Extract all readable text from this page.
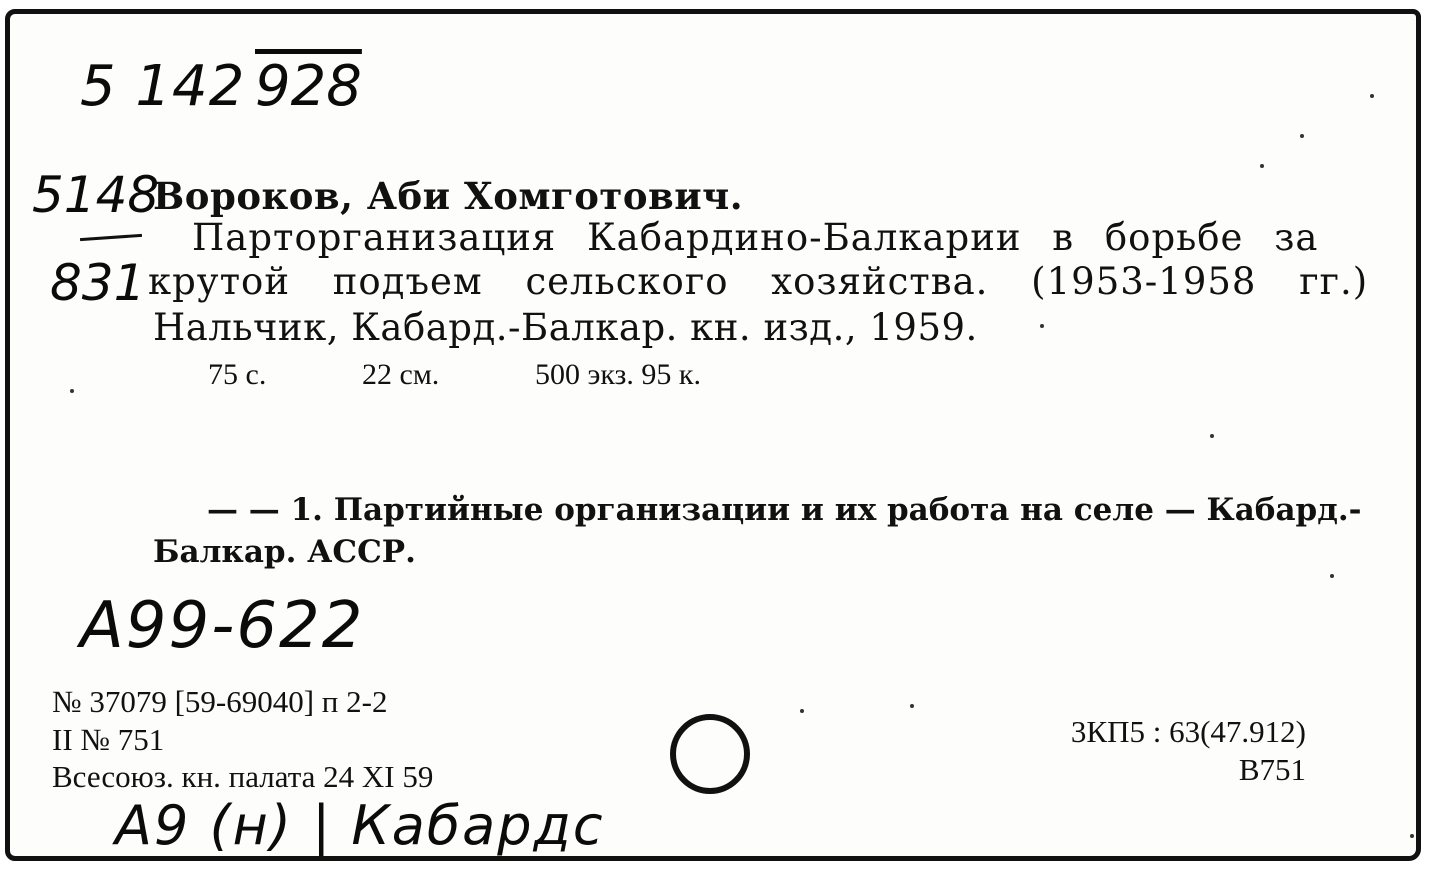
5 142 928

5148

831

Вороков, Аби Хомготович.

Парторганизация Кабардино-Балкарии в борьбе за

крутой подъем сельского хозяйства. (1953-1958 гг.)

Нальчик, Кабард.-Балкар. кн. изд., 1959.

75 с.	22 см.	500 экз. 95 к.

— — 1. Партийные организации и их работа на селе — Кабард.-

Балкар. АССР.

А99-622

№ 37079 [59-69040] п 2-2

II № 751

Всесоюз. кн. палата 24 XI 59

3КП5 : 63(47.912)

В751

А9 (н) | Кабардс
